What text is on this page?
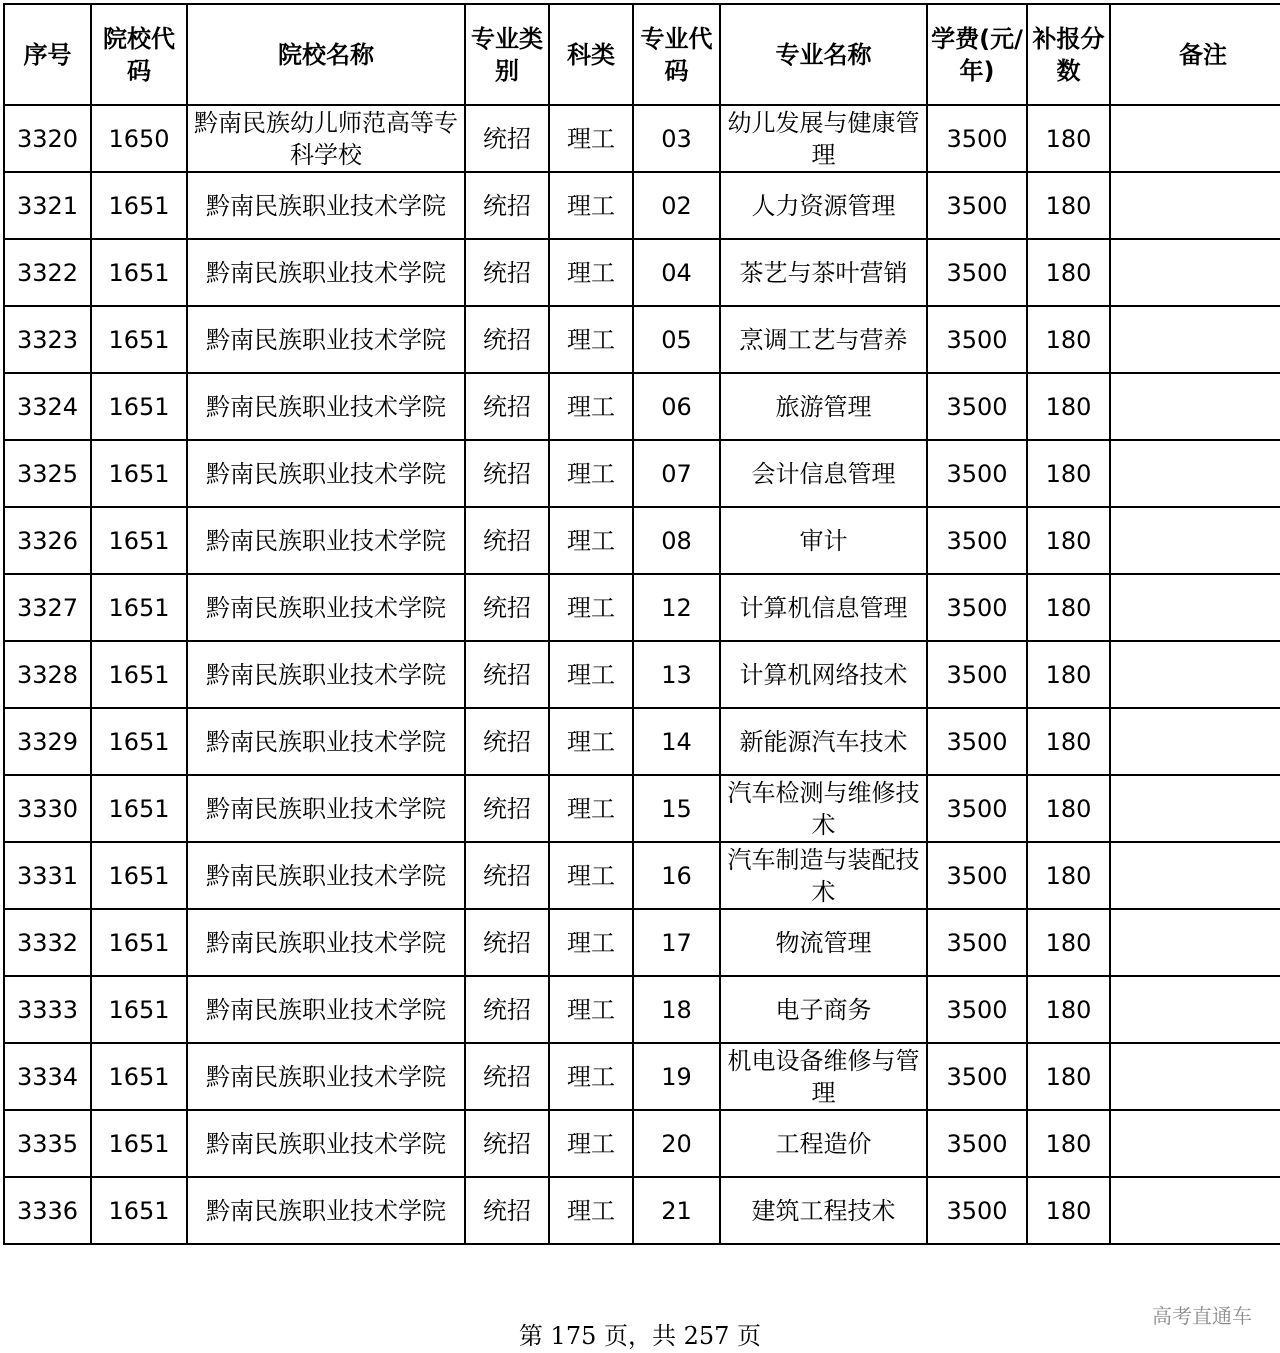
序号	院校代码	院校名称	专业类别	科类	专业代码	专业名称	学费(元/年)	补报分数	备注
3320	1650	黔南民族幼儿师范高等专科学校	统招	理工	03	幼儿发展与健康管理	3500	180	
3321	1651	黔南民族职业技术学院	统招	理工	02	人力资源管理	3500	180	
3322	1651	黔南民族职业技术学院	统招	理工	04	茶艺与茶叶营销	3500	180	
3323	1651	黔南民族职业技术学院	统招	理工	05	烹调工艺与营养	3500	180	
3324	1651	黔南民族职业技术学院	统招	理工	06	旅游管理	3500	180	
3325	1651	黔南民族职业技术学院	统招	理工	07	会计信息管理	3500	180	
3326	1651	黔南民族职业技术学院	统招	理工	08	审计	3500	180	
3327	1651	黔南民族职业技术学院	统招	理工	12	计算机信息管理	3500	180	
3328	1651	黔南民族职业技术学院	统招	理工	13	计算机网络技术	3500	180	
3329	1651	黔南民族职业技术学院	统招	理工	14	新能源汽车技术	3500	180	
3330	1651	黔南民族职业技术学院	统招	理工	15	汽车检测与维修技术	3500	180	
3331	1651	黔南民族职业技术学院	统招	理工	16	汽车制造与装配技术	3500	180	
3332	1651	黔南民族职业技术学院	统招	理工	17	物流管理	3500	180	
3333	1651	黔南民族职业技术学院	统招	理工	18	电子商务	3500	180	
3334	1651	黔南民族职业技术学院	统招	理工	19	机电设备维修与管理	3500	180	
3335	1651	黔南民族职业技术学院	统招	理工	20	工程造价	3500	180	
3336	1651	黔南民族职业技术学院	统招	理工	21	建筑工程技术	3500	180	
第 175 页，共 257 页
高考直通车
